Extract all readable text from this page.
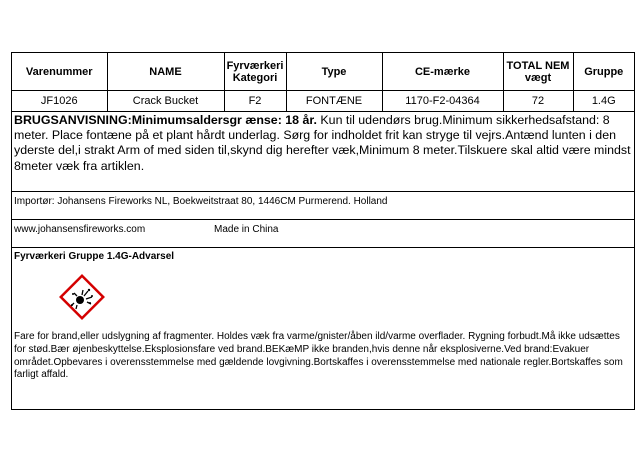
Varenummer	NAME	Fyrværkeri Kategori	Type	CE-mærke	TOTAL NEM vægt	Gruppe
JF1026	Crack Bucket	F2	FONTÆNE	1170-F2-04364	72	1.4G
BRUGSANVISNING:Minimumsaldersgr ænse: 18 år. Kun til udendørs brug.Minimum sikkerhedsafstand: 8 meter. Place fontæne på et plant hårdt underlag. Sørg for indholdet frit kan stryge til vejrs.Antænd lunten i den yderste del,i strakt Arm of med siden til,skynd dig herefter væk,Minimum 8 meter.Tilskuere skal altid være mindst 8meter væk fra artiklen.
Importør: Johansens Fireworks NL, Boekweitstraat 80, 1446CM Purmerend. Holland
www.johansensfireworks.com	Made in China
Fyrværkeri Gruppe 1.4G-Advarsel
Fare for brand,eller udslygning af fragmenter. Holdes væk fra varme/gnister/åben ild/varme overflader. Rygning forbudt.Må ikke udsættes for stød.Bær øjenbeskyttelse.Eksplosionsfare ved brand.BEKæMP ikke branden,hvis denne når eksplosiverne.Ved brand:Evakuer området.Opbevares i overensstemmelse med gældende lovgivning.Bortskaffes i overensstemmelse med nationale regler.Bortskaffes som farligt affald.
